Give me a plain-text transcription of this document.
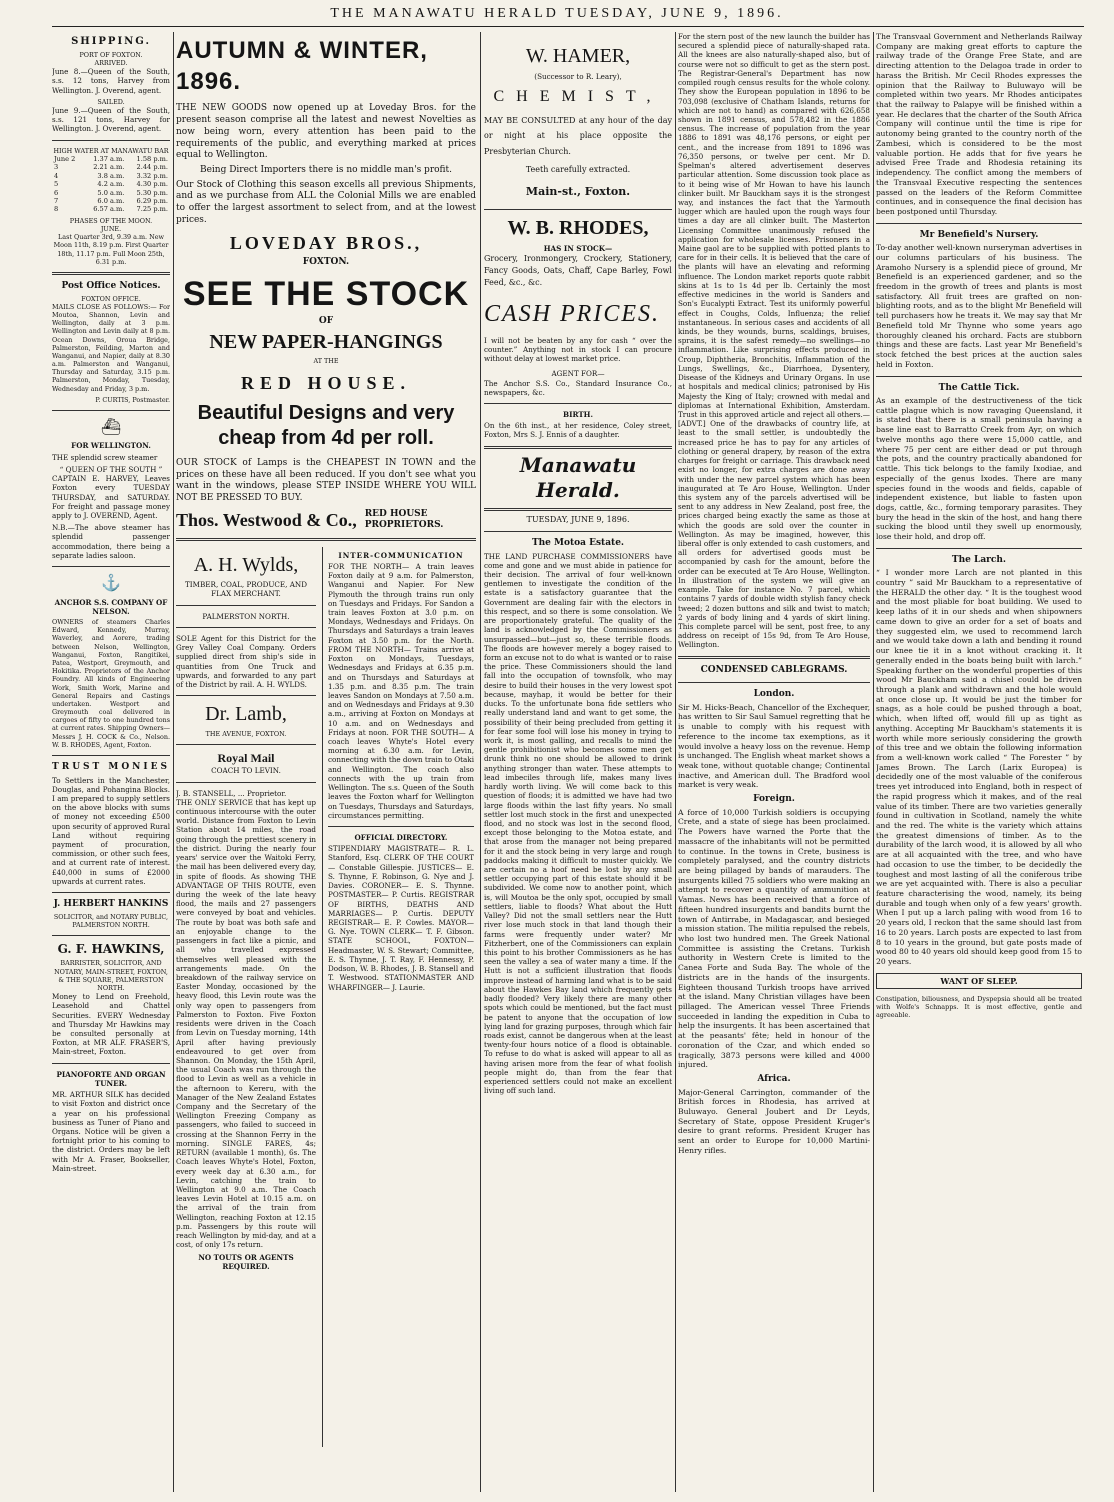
THE MANAWATU HERALD TUESDAY, JUNE 9, 1896.
SHIPPING.
PORT OF FOXTON.
ARRIVED.

June 8.—Queen of the South, s.s. 12 tons, Harvey from Wellington. J. Overend, agent.

SAILED.

June 9.—Queen of the South, s.s. 121 tons, Harvey for Wellington. J. Overend, agent.

HIGH WATER AT MANAWATU BAR
June 2	1.37 a.m.	1.58 p.m.
3	2.21 a.m.	2.44 p.m.
4	3.8 a.m.	3.32 p.m.
5	4.2 a.m.	4.30 p.m.
6	5.0 a.m.	5.30 p.m.
7	6.0 a.m.	6.29 p.m.
8	6.57 a.m.	7.25 p.m.
PHASES OF THE MOON.
JUNE.

Last Quarter 3rd, 9.39 a.m. New Moon 11th, 8.19 p.m. First Quarter 18th, 11.17 p.m. Full Moon 25th, 6.31 p.m.

Post Office Notices.
FOXTON OFFICE.

MAILS CLOSE AS FOLLOWS:— For Moutoa, Shannon, Levin and Wellington, daily at 3 p.m. Wellington and Levin daily at 8 p.m. Ocean Downs, Oroua Bridge, Palmerston, Feilding, Marton and Wanganui, and Napier, daily at 8.30 a.m. Palmerston and Wanganui, Thursday and Saturday, 3.15 p.m. Palmerston, Monday, Tuesday, Wednesday and Friday, 3 p.m.

P. CURTIS, Postmaster.
⛴
FOR WELLINGTON.

THE splendid screw steamer

“ QUEEN OF THE SOUTH ”

CAPTAIN E. HARVEY, Leaves Foxton every TUESDAY THURSDAY, and SATURDAY. For freight and passage money apply to J. OVEREND, Agent.

N.B.—The above steamer has splendid passenger accommodation, there being a separate ladies saloon.

⚓
ANCHOR S.S. COMPANY OF NELSON.

OWNERS of steamers Charles Edward, Kennedy, Murray, Waverley, and Aorere, trading between Nelson, Wellington, Wanganui, Foxton, Rangitikei, Patea, Westport, Greymouth, and Hokitika. Proprietors of the Anchor Foundry. All kinds of Engineering Work, Smith Work, Marine and General Repairs and Castings undertaken. Westport and Greymouth coal delivered in cargoes of fifty to one hundred tons at current rates. Shipping Owners—Messrs J. H. COCK & Co., Nelson. W. B. RHODES, Agent, Foxton.

TRUST MONIES

To Settlers in the Manchester, Douglas, and Pohangina Blocks. I am prepared to supply settlers on the above blocks with sums of money not exceeding £500 upon security of approved Rural Land without requiring payment of procuration, commission, or other such fees, and at current rate of interest. £40,000 in sums of £2000 upwards at current rates.

J. HERBERT HANKINS
SOLICITOR, and NOTARY PUBLIC, PALMERSTON NORTH.
G. F. HAWKINS,
BARRISTER, SOLICITOR, AND NOTARY, MAIN-STREET, FOXTON, & THE SQUARE, PALMERSTON NORTH.

Money to Lend on Freehold, Leasehold and Chattel Securities. EVERY Wednesday and Thursday Mr Hawkins may be consulted personally at Foxton, at MR ALF. FRASER'S, Main-street, Foxton.

PIANOFORTE AND ORGAN TUNER.

MR. ARTHUR SILK has decided to visit Foxton and district once a year on his professional business as Tuner of Piano and Organs. Notice will be given a fortnight prior to his coming to the district. Orders may be left with Mr A. Fraser, Bookseller, Main-street.

AUTUMN & WINTER, 1896.

THE NEW GOODS now opened up at Loveday Bros. for the present season comprise all the latest and newest Novelties as now being worn, every attention has been paid to the requirements of the public, and everything marked at prices equal to Wellington.

Being Direct Importers there is no middle man's profit.

Our Stock of Clothing this season excells all previous Shipments, and as we purchase from ALL the Colonial Mills we are enabled to offer the largest assortment to select from, and at the lowest prices.

LOVEDAY BROS.,
FOXTON.
SEE THE STOCK
OF
NEW PAPER-HANGINGS
AT THE
RED HOUSE.
Beautiful Designs and very cheap from 4d per roll.

OUR STOCK of Lamps is the CHEAPEST IN TOWN and the prices on these have all been reduced. If you don't see what you want in the windows, please STEP INSIDE WHERE YOU WILL NOT BE PRESSED TO BUY.

Thos. Westwood & Co., RED HOUSE PROPRIETORS.
A. H. Wylds,
TIMBER, COAL, PRODUCE, AND FLAX MERCHANT.
PALMERSTON NORTH.

SOLE Agent for this District for the Grey Valley Coal Company. Orders supplied direct from ship's side in quantities from One Truck and upwards, and forwarded to any part of the District by rail. A. H. WYLDS.

Dr. Lamb,
THE AVENUE, FOXTON.
Royal Mail
COACH TO LEVIN.
J. B. STANSELL, ... Proprietor.

THE ONLY SERVICE that has kept up continuous intercourse with the outer world. Distance from Foxton to Levin Station about 14 miles, the road going through the prettiest scenery in the district. During the nearly four years' service over the Waitoki Ferry, the mail has been delivered every day, in spite of floods. As showing THE ADVANTAGE OF THIS ROUTE, even during the week of the late heavy flood, the mails and 27 passengers were conveyed by boat and vehicles. The route by boat was both safe and an enjoyable change to the passengers in fact like a picnic, and all who travelled expressed themselves well pleased with the arrangements made. On the breakdown of the railway service on Easter Monday, occasioned by the heavy flood, this Levin route was the only way open to passengers from Palmerston to Foxton. Five Foxton residents were driven in the Coach from Levin on Tuesday morning, 14th April after having previously endeavoured to get over from Shannon. On Monday, the 15th April, the usual Coach was run through the flood to Levin as well as a vehicle in the afternoon to Kereru, with the Manager of the New Zealand Estates Company and the Secretary of the Wellington Freezing Company as passengers, who failed to succeed in crossing at the Shannon Ferry in the morning. SINGLE FARES, 4s; RETURN (available 1 month), 6s. The Coach leaves Whyte's Hotel, Foxton, every week day at 6.30 a.m., for Levin, catching the train to Wellington at 9.0 a.m. The Coach leaves Levin Hotel at 10.15 a.m. on the arrival of the train from Wellington, reaching Foxton at 12.15 p.m. Passengers by this route will reach Wellington by mid-day, and at a cost, of only 17s return.

NO TOUTS OR AGENTS REQUIRED.
INTER-COMMUNICATION

FOR THE NORTH— A train leaves Foxton daily at 9 a.m. for Palmerston, Wanganui and Napier. For New Plymouth the through trains run only on Tuesdays and Fridays. For Sandon a train leaves Foxton at 3.0 p.m. on Mondays, Wednesdays and Fridays. On Thursdays and Saturdays a train leaves Foxton at 3.50 p.m. for the North. FROM THE NORTH— Trains arrive at Foxton on Mondays, Tuesdays, Wednesdays and Fridays at 6.35 p.m. and on Thursdays and Saturdays at 1.35 p.m. and 8.35 p.m. The train leaves Sandon on Mondays at 7.50 a.m. and on Wednesdays and Fridays at 9.30 a.m., arriving at Foxton on Mondays at 10 a.m. and on Wednesdays and Fridays at noon. FOR THE SOUTH— A coach leaves Whyte's Hotel every morning at 6.30 a.m. for Levin, connecting with the down train to Otaki and Wellington. The coach also connects with the up train from Wellington. The s.s. Queen of the South leaves the Foxton wharf for Wellington on Tuesdays, Thursdays and Saturdays, circumstances permitting.

OFFICIAL DIRECTORY.

STIPENDIARY MAGISTRATE— R. L. Stanford, Esq. CLERK OF THE COURT— Constable Gillespie. JUSTICES— E. S. Thynne, F. Robinson, G. Nye and J. Davies. CORONER— E. S. Thynne. POSTMASTER— P. Curtis. REGISTRAR OF BIRTHS, DEATHS AND MARRIAGES— P. Curtis. DEPUTY REGISTRAR— E. P. Cowles. MAYOR— G. Nye. TOWN CLERK— T. F. Gibson. STATE SCHOOL, FOXTON— Headmaster, W. S. Stewart; Committee, E. S. Thynne, J. T. Ray, F. Hennessy, P. Dodson, W. B. Rhodes, J. B. Stansell and T. Westwood. STATIONMASTER AND WHARFINGER— J. Laurie.

W. HAMER,
(Successor to R. Leary),
CHEMIST,

MAY BE CONSULTED at any hour of the day or night at his place opposite the Presbyterian Church.

Teeth carefully extracted.
Main-st., Foxton.
W. B. RHODES,
HAS IN STOCK—

Grocery, Ironmongery, Crockery, Stationery, Fancy Goods, Oats, Chaff, Cape Barley, Fowl Feed, &c., &c.

CASH PRICES.

I will not be beaten by any for cash “ over the counter.” Anything not in stock I can procure without delay at lowest market price.

AGENT FOR—

The Anchor S.S. Co., Standard Insurance Co., newspapers, &c.

BIRTH.

On the 6th inst., at her residence, Coley street, Foxton, Mrs S. J. Ennis of a daughter.

Manawatu Herald.
TUESDAY, JUNE 9, 1896.
The Motoa Estate.

THE LAND PURCHASE COMMISSIONERS have come and gone and we must abide in patience for their decision. The arrival of four well-known gentlemen to investigate the condition of the estate is a satisfactory guarantee that the Government are dealing fair with the electors in this respect, and so there is some consolation. We are proportionately grateful. The quality of the land is acknowledged by the Commissioners as unsurpassed—but—just so, these terrible floods. The floods are however merely a bogey raised to form an excuse not to do what is wanted or to raise the price. These Commissioners should the land fall into the occupation of townsfolk, who may desire to build their houses in the very lowest spot because, mayhap, it would be better for their ducks. To the unfortunate bona fide settlers who really understand land and want to get some, the possibility of their being precluded from getting it for fear some fool will lose his money in trying to work it, is most galling, and recalls to mind the gentle prohibitionist who becomes some men get drunk think no one should be allowed to drink anything stronger than water. These attempts to lead imbeciles through life, makes many lives hardly worth living. We will come back to this question of floods; it is admitted we have had two large floods within the last fifty years. No small settler lost much stock in the first and unexpected flood, and no stock was lost in the second flood, except those belonging to the Motoa estate, and that arose from the manager not being prepared for it and the stock being in very large and rough paddocks making it difficult to muster quickly. We are certain no a hoof need be lost by any small settler occupying part of this estate should it be subdivided. We come now to another point, which is, will Moutoa be the only spot, occupied by small settlers, liable to floods? What about the Hutt Valley? Did not the small settlers near the Hutt river lose much stock in that land though their farms were frequently under water? Mr Fitzherbert, one of the Commissioners can explain this point to his brother Commissioners as he has seen the valley a sea of water many a time. If the Hutt is not a sufficient illustration that floods improve instead of harming land what is to be said about the Hawkes Bay land which frequently gets badly flooded? Very likely there are many other spots which could be mentioned, but the fact must be patent to anyone that the occupation of low lying land for grazing purposes, through which fair roads exist, cannot be dangerous when at the least twenty-four hours notice of a flood is obtainable. To refuse to do what is asked will appear to all as having arisen more from the fear of what foolish people might do, than from the fear that experienced settlers could not make an excellent living off such land.

For the stern post of the new launch the builder has secured a splendid piece of naturally-shaped rata. All the knees are also naturally-shaped also, but of course were not so difficult to get as the stern post. The Registrar-General's Department has now compiled rough census results for the whole colony. They show the European population in 1896 to be 703,098 (exclusive of Chatham Islands, returns for which are not to hand) as compared with 626,658 shown in 1891 census, and 578,482 in the 1886 census. The increase of population from the year 1886 to 1891 was 48,176 persons, or eight per cent., and the increase from 1891 to 1896 was 76,350 persons, or twelve per cent. Mr D. Spelman's altered advertisement deserves particular attention. Some discussion took place as to it being wise of Mr Howan to have his launch clinker built. Mr Bauckham says it is the strongest way, and instances the fact that the Yarmouth lugger which are hauled upon the rough ways four times a day are all clinker built. The Masterton Licensing Committee unanimously refused the application for wholesale licenses. Prisoners in a Maine gaol are to be supplied with potted plants to care for in their cells. It is believed that the care of the plants will have an elevating and reforming influence. The London market reports quote rabbit skins at 1s to 1s 4d per lb. Certainly the most effective medicines in the world is Sanders and Son's Eucalypti Extract. Test its uniformly powerful effect in Coughs, Colds, Influenza; the relief instantaneous. In serious cases and accidents of all kinds, be they wounds, burns, scaldings, bruises, sprains, it is the safest remedy—no swellings—no inflammation. Like surprising effects produced in Croup, Diphtheria, Bronchitis, Inflammation of the Lungs, Swellings, &c., Diarrhoea, Dysentery, Disease of the Kidneys and Urinary Organs. In use at hospitals and medical clinics; patronised by His Majesty the King of Italy; crowned with medal and diplomas at International Exhibition, Amsterdam. Trust in this approved article and reject all others.—[ADVT.] One of the drawbacks of country life, at least to the small settler, is undoubtedly the increased price he has to pay for any articles of clothing or general drapery, by reason of the extra charges for freight or carriage. This drawback need exist no longer, for extra charges are done away with under the new parcel system which has been inaugurated at Te Aro House, Wellington. Under this system any of the parcels advertised will be sent to any address in New Zealand, post free, the prices charged being exactly the same as those at which the goods are sold over the counter in Wellington. As may be imagined, however, this liberal offer is only extended to cash customers, and all orders for advertised goods must be accompanied by cash for the amount, before the order can be executed at Te Aro House, Wellington. In illustration of the system we will give an example. Take for instance No. 7 parcel, which contains 7 yards of double width stylish fancy check tweed; 2 dozen buttons and silk and twist to match; 2 yards of body lining and 4 yards of skirt lining. This complete parcel will be sent, post free, to any address on receipt of 15s 9d, from Te Aro House, Wellington.

CONDENSED CABLEGRAMS.
London.

Sir M. Hicks-Beach, Chancellor of the Exchequer, has written to Sir Saul Samuel regretting that he is unable to comply with his request with reference to the income tax exemptions, as it would involve a heavy loss on the revenue. Hemp is unchanged. The English wheat market shows a weak tone, without quotable change; Continental inactive, and American dull. The Bradford wool market is very weak.

Foreign.

A force of 10,000 Turkish soldiers is occupying Crete, and a state of siege has been proclaimed. The Powers have warned the Porte that the massacre of the inhabitants will not be permitted to continue. In the towns in Crete, business is completely paralysed, and the country districts are being pillaged by bands of marauders. The insurgents killed 75 soldiers who were making an attempt to recover a quantity of ammunition at Vamas. News has been received that a force of fifteen hundred insurgents and bandits burnt the town of Antirrabe, in Madagascar, and besieged a mission station. The militia repulsed the rebels, who lost two hundred men. The Greek National Committee is assisting the Cretans. Turkish authority in Western Crete is limited to the Canea Forte and Suda Bay. The whole of the districts are in the hands of the insurgents. Eighteen thousand Turkish troops have arrived at the island. Many Christian villages have been pillaged. The American vessel Three Friends succeeded in landing the expedition in Cuba to help the insurgents. It has been ascertained that at the peasants' fête; held in honour of the coronation of the Czar, and which ended so tragically, 3873 persons were killed and 4000 injured.

Africa.

Major-General Carrington, commander of the British forces in Rhodesia, has arrived at Buluwayo. General Joubert and Dr Leyds, Secretary of State, oppose President Kruger's desire to grant reforms. President Kruger has sent an order to Europe for 10,000 Martini-Henry rifles.

The Transvaal Government and Netherlands Railway Company are making great efforts to capture the railway trade of the Orange Free State, and are directing attention to the Delagoa trade in order to harass the British. Mr Cecil Rhodes expresses the opinion that the Railway to Buluwayo will be completed within two years. Mr Rhodes anticipates that the railway to Palapye will be finished within a year. He declares that the charter of the South Africa Company will continue until the time is ripe for autonomy being granted to the country north of the Zambesi, which is considered to be the most valuable portion. He adds that for five years he advised Free Trade and Rhodesia retaining its independency. The conflict among the members of the Transvaal Executive respecting the sentences passed on the leaders of the Reform Committee continues, and in consequence the final decision has been postponed until Thursday.

Mr Benefield's Nursery.

To-day another well-known nurseryman advertises in our columns particulars of his business. The Aramoho Nursery is a splendid piece of ground, Mr Benefield is an experienced gardener, and so the freedom in the growth of trees and plants is most satisfactory. All fruit trees are grafted on non-blighting roots, and as to the blight Mr Benefield will tell purchasers how he treats it. We may say that Mr Benefield told Mr Thynne who some years ago thoroughly cleaned his orchard. Facts are stubborn things and these are facts. Last year Mr Benefield's stock fetched the best prices at the auction sales held in Foxton.

The Cattle Tick.

As an example of the destructiveness of the tick cattle plague which is now ravaging Queensland, it is stated that there is a small peninsula having a base line east to Barratto Creek from Ayr, on which twelve months ago there were 15,000 cattle, and where 75 per cent are either dead or put through the pots, and the country practically abandoned for cattle. This tick belongs to the family Ixodiae, and especially of the genus Ixodes. There are many species found in the woods and fields, capable of independent existence, but liable to fasten upon dogs, cattle, &c., forming temporary parasites. They bury the head in the skin of the host, and hang there sucking the blood until they swell up enormously, lose their hold, and drop off.

The Larch.

“ I wonder more Larch are not planted in this country ” said Mr Bauckham to a representative of the HERALD the other day. “ It is the toughest wood and the most pliable for boat building. We used to keep laths of it in our sheds and when shipowners came down to give an order for a set of boats and they suggested elm, we used to recommend larch and we would take down a lath and bending it round our knee tie it in a knot without cracking it. It generally ended in the boats being built with larch.” Speaking further on the wonderful properties of this wood Mr Bauckham said a chisel could be driven through a plank and withdrawn and the hole would at once close up. It would be just the timber for snags, as a hole could be pushed through a boat, which, when lifted off, would fill up as tight as anything. Accepting Mr Bauckham's statements it is worth while more seriously considering the growth of this tree and we obtain the following information from a well-known work called “ The Forester ” by James Brown. The Larch (Larix Europea) is decidedly one of the most valuable of the coniferous trees yet introduced into England, both in respect of the rapid progress which it makes, and of the real value of its timber. There are two varieties generally found in cultivation in Scotland, namely the white and the red. The white is the variety which attains the greatest dimensions of timber. As to the durability of the larch wood, it is allowed by all who are at all acquainted with the tree, and who have had occasion to use the timber, to be decidedly the toughest and most lasting of all the coniferous tribe we are yet acquainted with. There is also a peculiar feature characterising the wood, namely, its being durable and tough when only of a few years' growth. When I put up a larch paling with wood from 16 to 20 years old, I reckon that the same should last from 16 to 20 years. Larch posts are expected to last from 8 to 10 years in the ground, but gate posts made of wood 80 to 40 years old should keep good from 15 to 20 years.

WANT OF SLEEP.

Constipation, biliousness, and Dyspepsia should all be treated with Wolfe's Schnapps. It is most effective, gentle and agreeable.
